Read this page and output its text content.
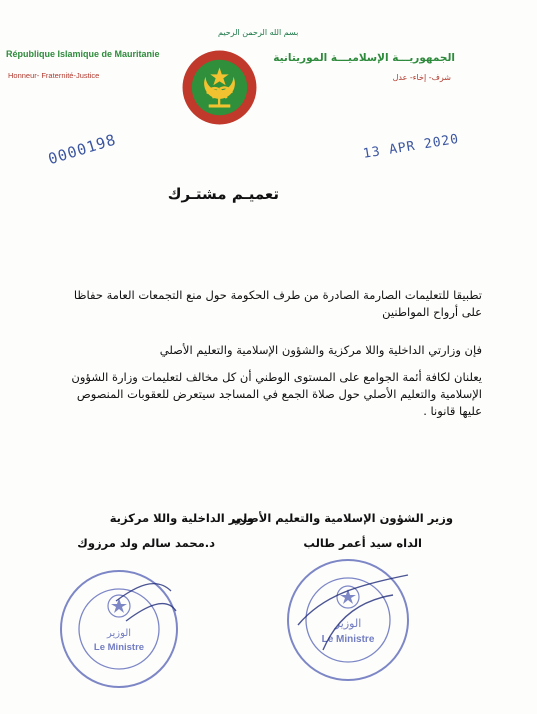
بسم الله الرحمن الرحيم
République Islamique de Mauritanie
Honneur- Fraternité-Justice
الجمهوريـــة الإسلاميـــة الموريتانية
شرف- إخاء- عدل
0000198	13 APR 2020
تعميـم مشتـرك
تطبيقا للتعليمات الصارمة الصادرة من طرف الحكومة حول منع التجمعات العامة حفاظا على أرواح المواطنين
فإن وزارتي الداخلية واللا مركزية والشؤون الإسلامية والتعليم الأصلي
يعلنان لكافة أئمة الجوامع على المستوى الوطني أن كل مخالف لتعليمات وزارة الشؤون الإسلامية والتعليم الأصلي حول صلاة الجمع في المساجد سيتعرض للعقوبات المنصوص عليها قانونا .
وزير الشؤون الإسلامية والتعليم الأصلي
الداه سيد أعمر طالب
وزير الداخلية واللا مركزية
د.محمد سالم ولد مرزوك
الوزير
Le Ministre
الوزير
Le Ministre
